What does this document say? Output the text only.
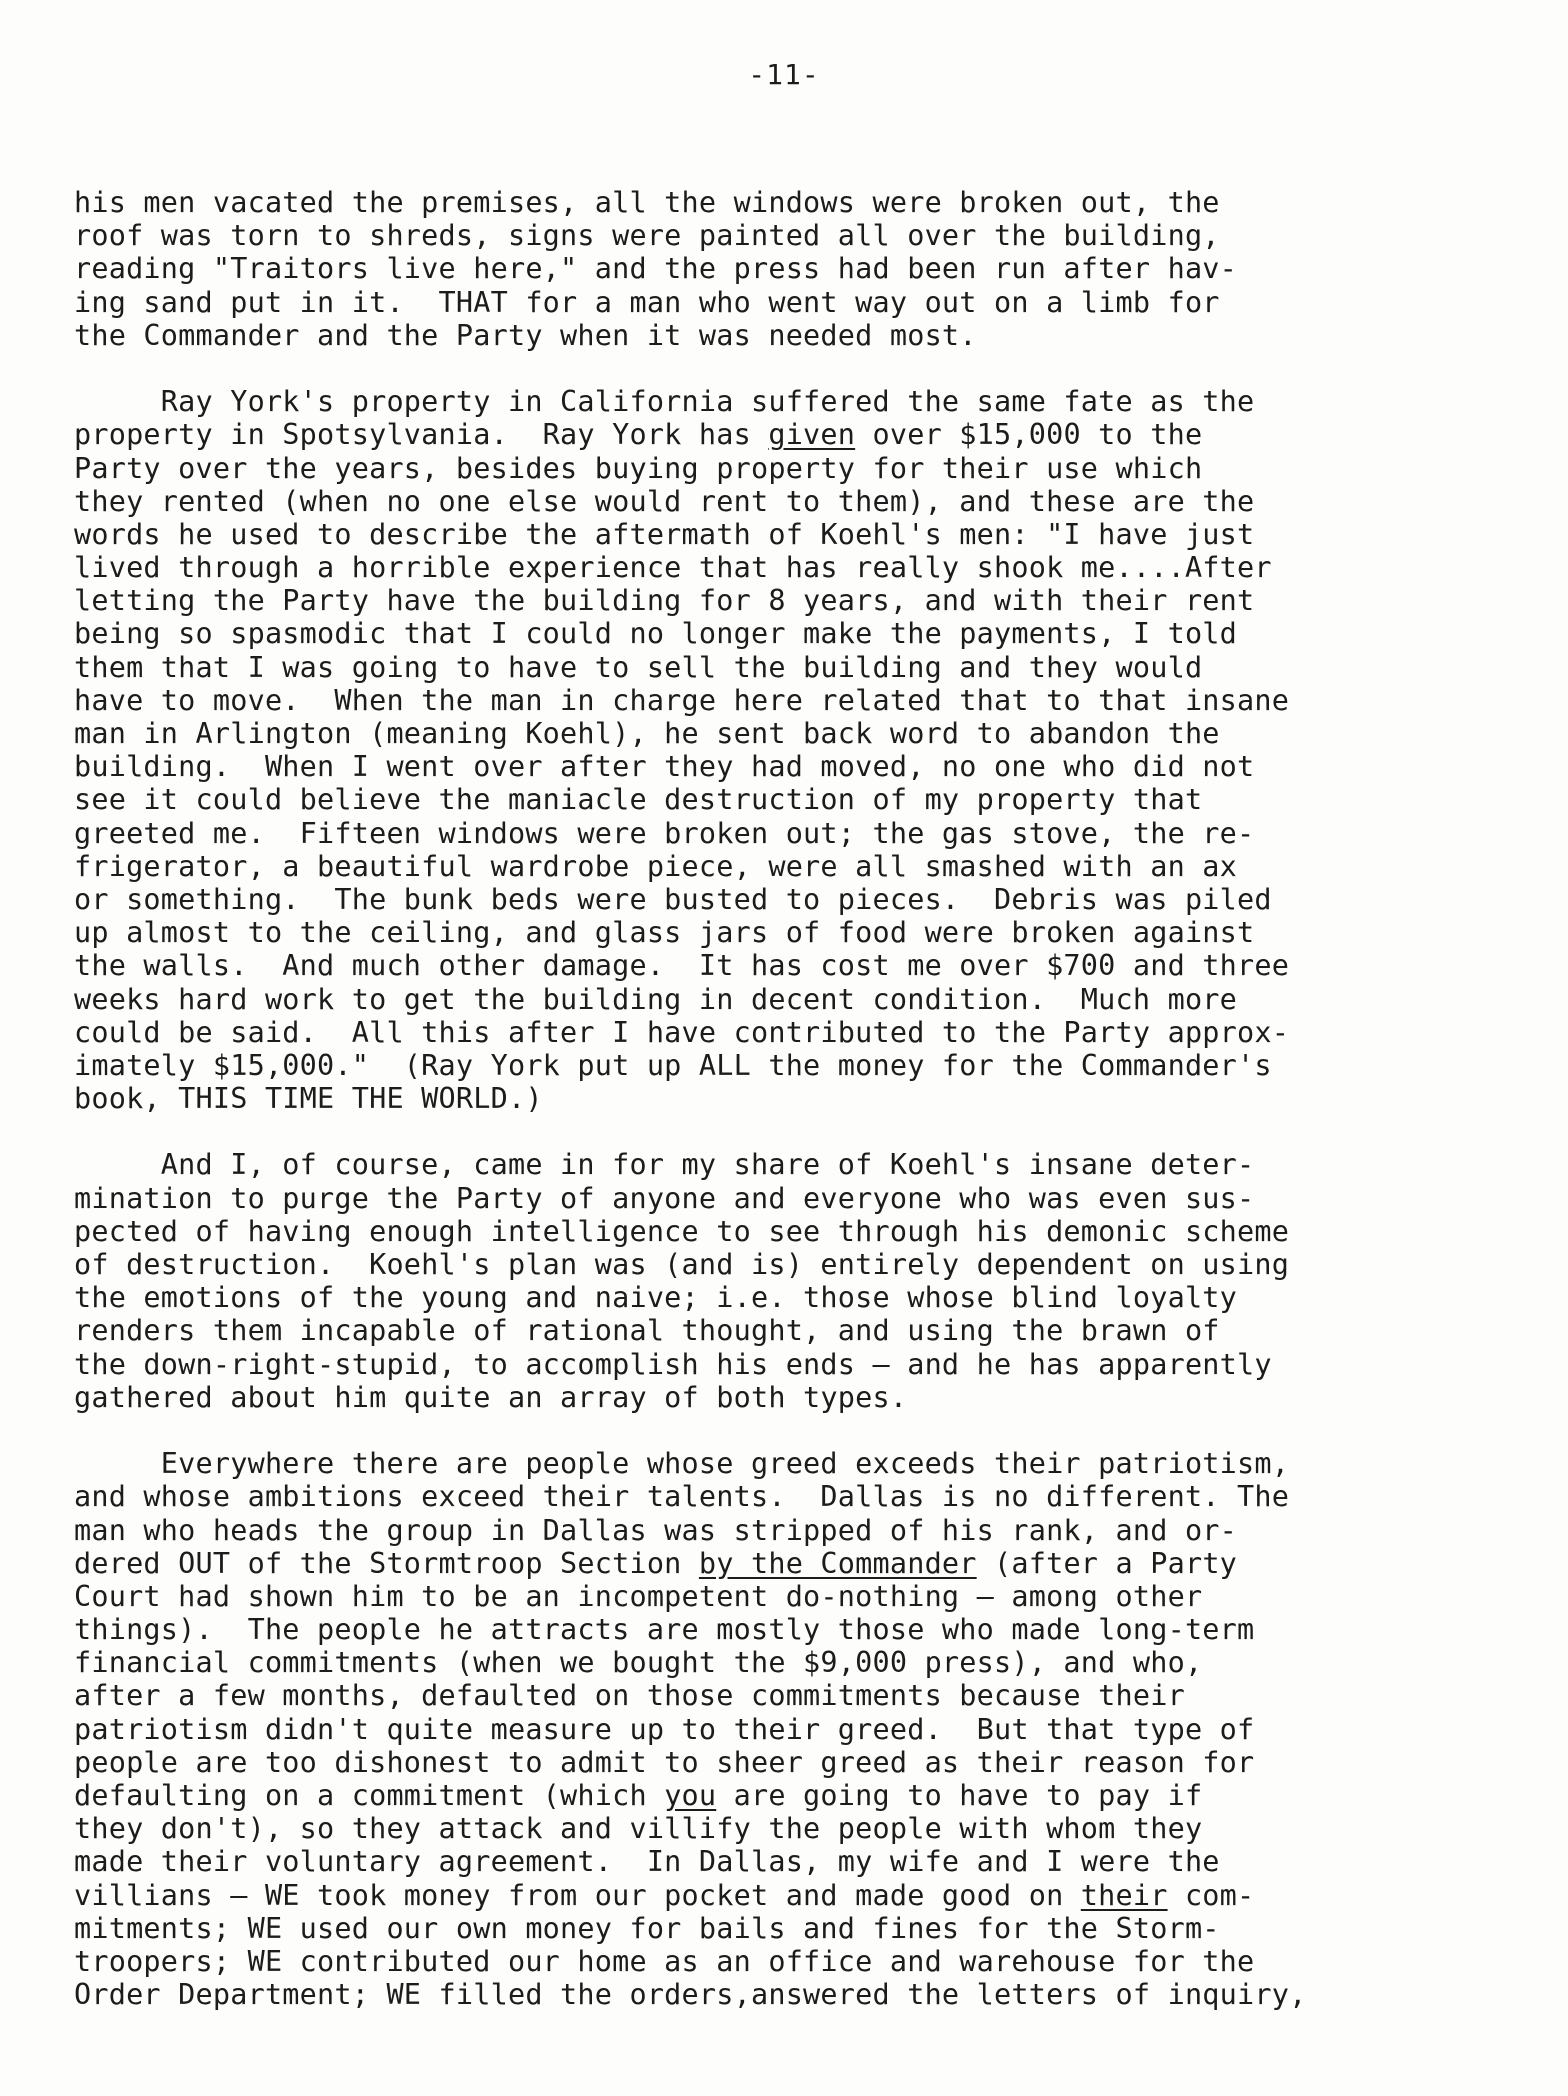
-11-
his men vacated the premises, all the windows were broken out, the
roof was torn to shreds, signs were painted all over the building,
reading "Traitors live here," and the press had been run after hav-
ing sand put in it.  THAT for a man who went way out on a limb for
the Commander and the Party when it was needed most.
Ray York's property in California suffered the same fate as the
property in Spotsylvania.  Ray York has given over $15,000 to the
Party over the years, besides buying property for their use which
they rented (when no one else would rent to them), and these are the
words he used to describe the aftermath of Koehl's men: "I have just
lived through a horrible experience that has really shook me....After
letting the Party have the building for 8 years, and with their rent
being so spasmodic that I could no longer make the payments, I told
them that I was going to have to sell the building and they would
have to move.  When the man in charge here related that to that insane
man in Arlington (meaning Koehl), he sent back word to abandon the
building.  When I went over after they had moved, no one who did not
see it could believe the maniacle destruction of my property that
greeted me.  Fifteen windows were broken out; the gas stove, the re-
frigerator, a beautiful wardrobe piece, were all smashed with an ax
or something.  The bunk beds were busted to pieces.  Debris was piled
up almost to the ceiling, and glass jars of food were broken against
the walls.  And much other damage.  It has cost me over $700 and three
weeks hard work to get the building in decent condition.  Much more
could be said.  All this after I have contributed to the Party approx-
imately $15,000."  (Ray York put up ALL the money for the Commander's
book, THIS TIME THE WORLD.)
And I, of course, came in for my share of Koehl's insane deter-
mination to purge the Party of anyone and everyone who was even sus-
pected of having enough intelligence to see through his demonic scheme
of destruction.  Koehl's plan was (and is) entirely dependent on using
the emotions of the young and naive; i.e. those whose blind loyalty
renders them incapable of rational thought, and using the brawn of
the down-right-stupid, to accomplish his ends — and he has apparently
gathered about him quite an array of both types.
Everywhere there are people whose greed exceeds their patriotism,
and whose ambitions exceed their talents.  Dallas is no different. The
man who heads the group in Dallas was stripped of his rank, and or-
dered OUT of the Stormtroop Section by the Commander (after a Party
Court had shown him to be an incompetent do-nothing — among other
things).  The people he attracts are mostly those who made long-term
financial commitments (when we bought the $9,000 press), and who,
after a few months, defaulted on those commitments because their
patriotism didn't quite measure up to their greed.  But that type of
people are too dishonest to admit to sheer greed as their reason for
defaulting on a commitment (which you are going to have to pay if
they don't), so they attack and villify the people with whom they
made their voluntary agreement.  In Dallas, my wife and I were the
villians — WE took money from our pocket and made good on their com-
mitments; WE used our own money for bails and fines for the Storm-
troopers; WE contributed our home as an office and warehouse for the
Order Department; WE filled the orders,answered the letters of inquiry,
